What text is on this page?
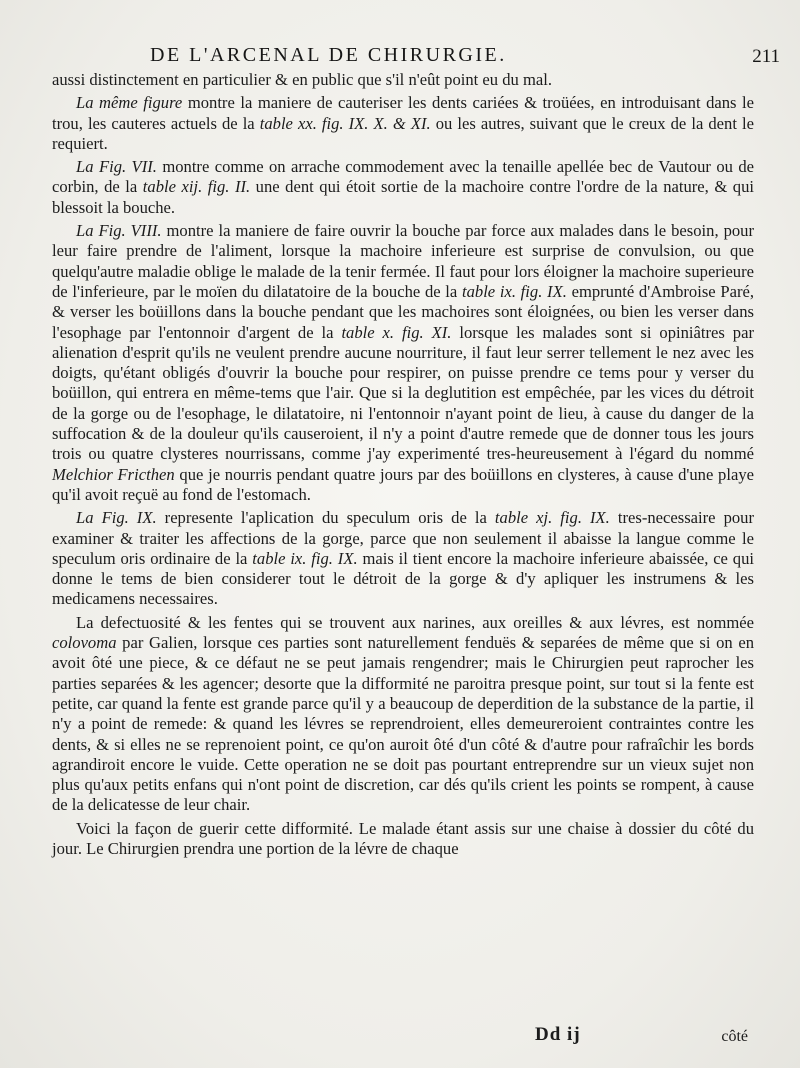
DE L'ARCENAL DE CHIRURGIE.	211

aussi distinctement en particulier & en public que s'il n'eût point eu du mal.

La même figure montre la maniere de cauteriser les dents cariées & troüées, en introduisant dans le trou, les cauteres actuels de la table xx. fig. IX. X. & XI. ou les autres, suivant que le creux de la dent le requiert.

La Fig. VII. montre comme on arrache commodement avec la tenaille apellée bec de Vautour ou de corbin, de la table xij. fig. II. une dent qui étoit sortie de la machoire contre l'ordre de la nature, & qui blessoit la bouche.

La Fig. VIII. montre la maniere de faire ouvrir la bouche par force aux malades dans le besoin, pour leur faire prendre de l'aliment, lorsque la machoire inferieure est surprise de convulsion, ou que quelqu'autre maladie oblige le malade de la tenir fermée. Il faut pour lors éloigner la machoire superieure de l'inferieure, par le moïen du dilatatoire de la bouche de la table ix. fig. IX. emprunté d'Ambroise Paré, & verser les boüillons dans la bouche pendant que les machoires sont éloignées, ou bien les verser dans l'esophage par l'entonnoir d'argent de la table x. fig. XI. lorsque les malades sont si opiniâtres par alienation d'esprit qu'ils ne veulent prendre aucune nourriture, il faut leur serrer tellement le nez avec les doigts, qu'étant obligés d'ouvrir la bouche pour respirer, on puisse prendre ce tems pour y verser du boüillon, qui entrera en même-tems que l'air. Que si la deglutition est empêchée, par les vices du détroit de la gorge ou de l'esophage, le dilatatoire, ni l'entonnoir n'ayant point de lieu, à cause du danger de la suffocation & de la douleur qu'ils causeroient, il n'y a point d'autre remede que de donner tous les jours trois ou quatre clysteres nourrissans, comme j'ay experimenté tres-heureusement à l'égard du nommé Melchior Fricthen que je nourris pendant quatre jours par des boüillons en clysteres, à cause d'une playe qu'il avoit reçuë au fond de l'estomach.

La Fig. IX. represente l'aplication du speculum oris de la table xj. fig. IX. tres-necessaire pour examiner & traiter les affections de la gorge, parce que non seulement il abaisse la langue comme le speculum oris ordinaire de la table ix. fig. IX. mais il tient encore la machoire inferieure abaissée, ce qui donne le tems de bien considerer tout le détroit de la gorge & d'y apliquer les instrumens & les medicamens necessaires.

La defectuosité & les fentes qui se trouvent aux narines, aux oreilles & aux lévres, est nommée colovoma par Galien, lorsque ces parties sont naturellement fenduës & separées de même que si on en avoit ôté une piece, & ce défaut ne se peut jamais rengendrer; mais le Chirurgien peut raprocher les parties separées & les agencer; desorte que la difformité ne paroitra presque point, sur tout si la fente est petite, car quand la fente est grande parce qu'il y a beaucoup de deperdition de la substance de la partie, il n'y a point de remede: & quand les lévres se reprendroient, elles demeureroient contraintes contre les dents, & si elles ne se reprenoient point, ce qu'on auroit ôté d'un côté & d'autre pour rafraîchir les bords agrandiroit encore le vuide. Cette operation ne se doit pas pourtant entreprendre sur un vieux sujet non plus qu'aux petits enfans qui n'ont point de discretion, car dés qu'ils crient les points se rompent, à cause de la delicatesse de leur chair.

Voici la façon de guerir cette difformité. Le malade étant assis sur une chaise à dossier du côté du jour. Le Chirurgien prendra une portion de la lévre de chaque

Dd ij	côté
